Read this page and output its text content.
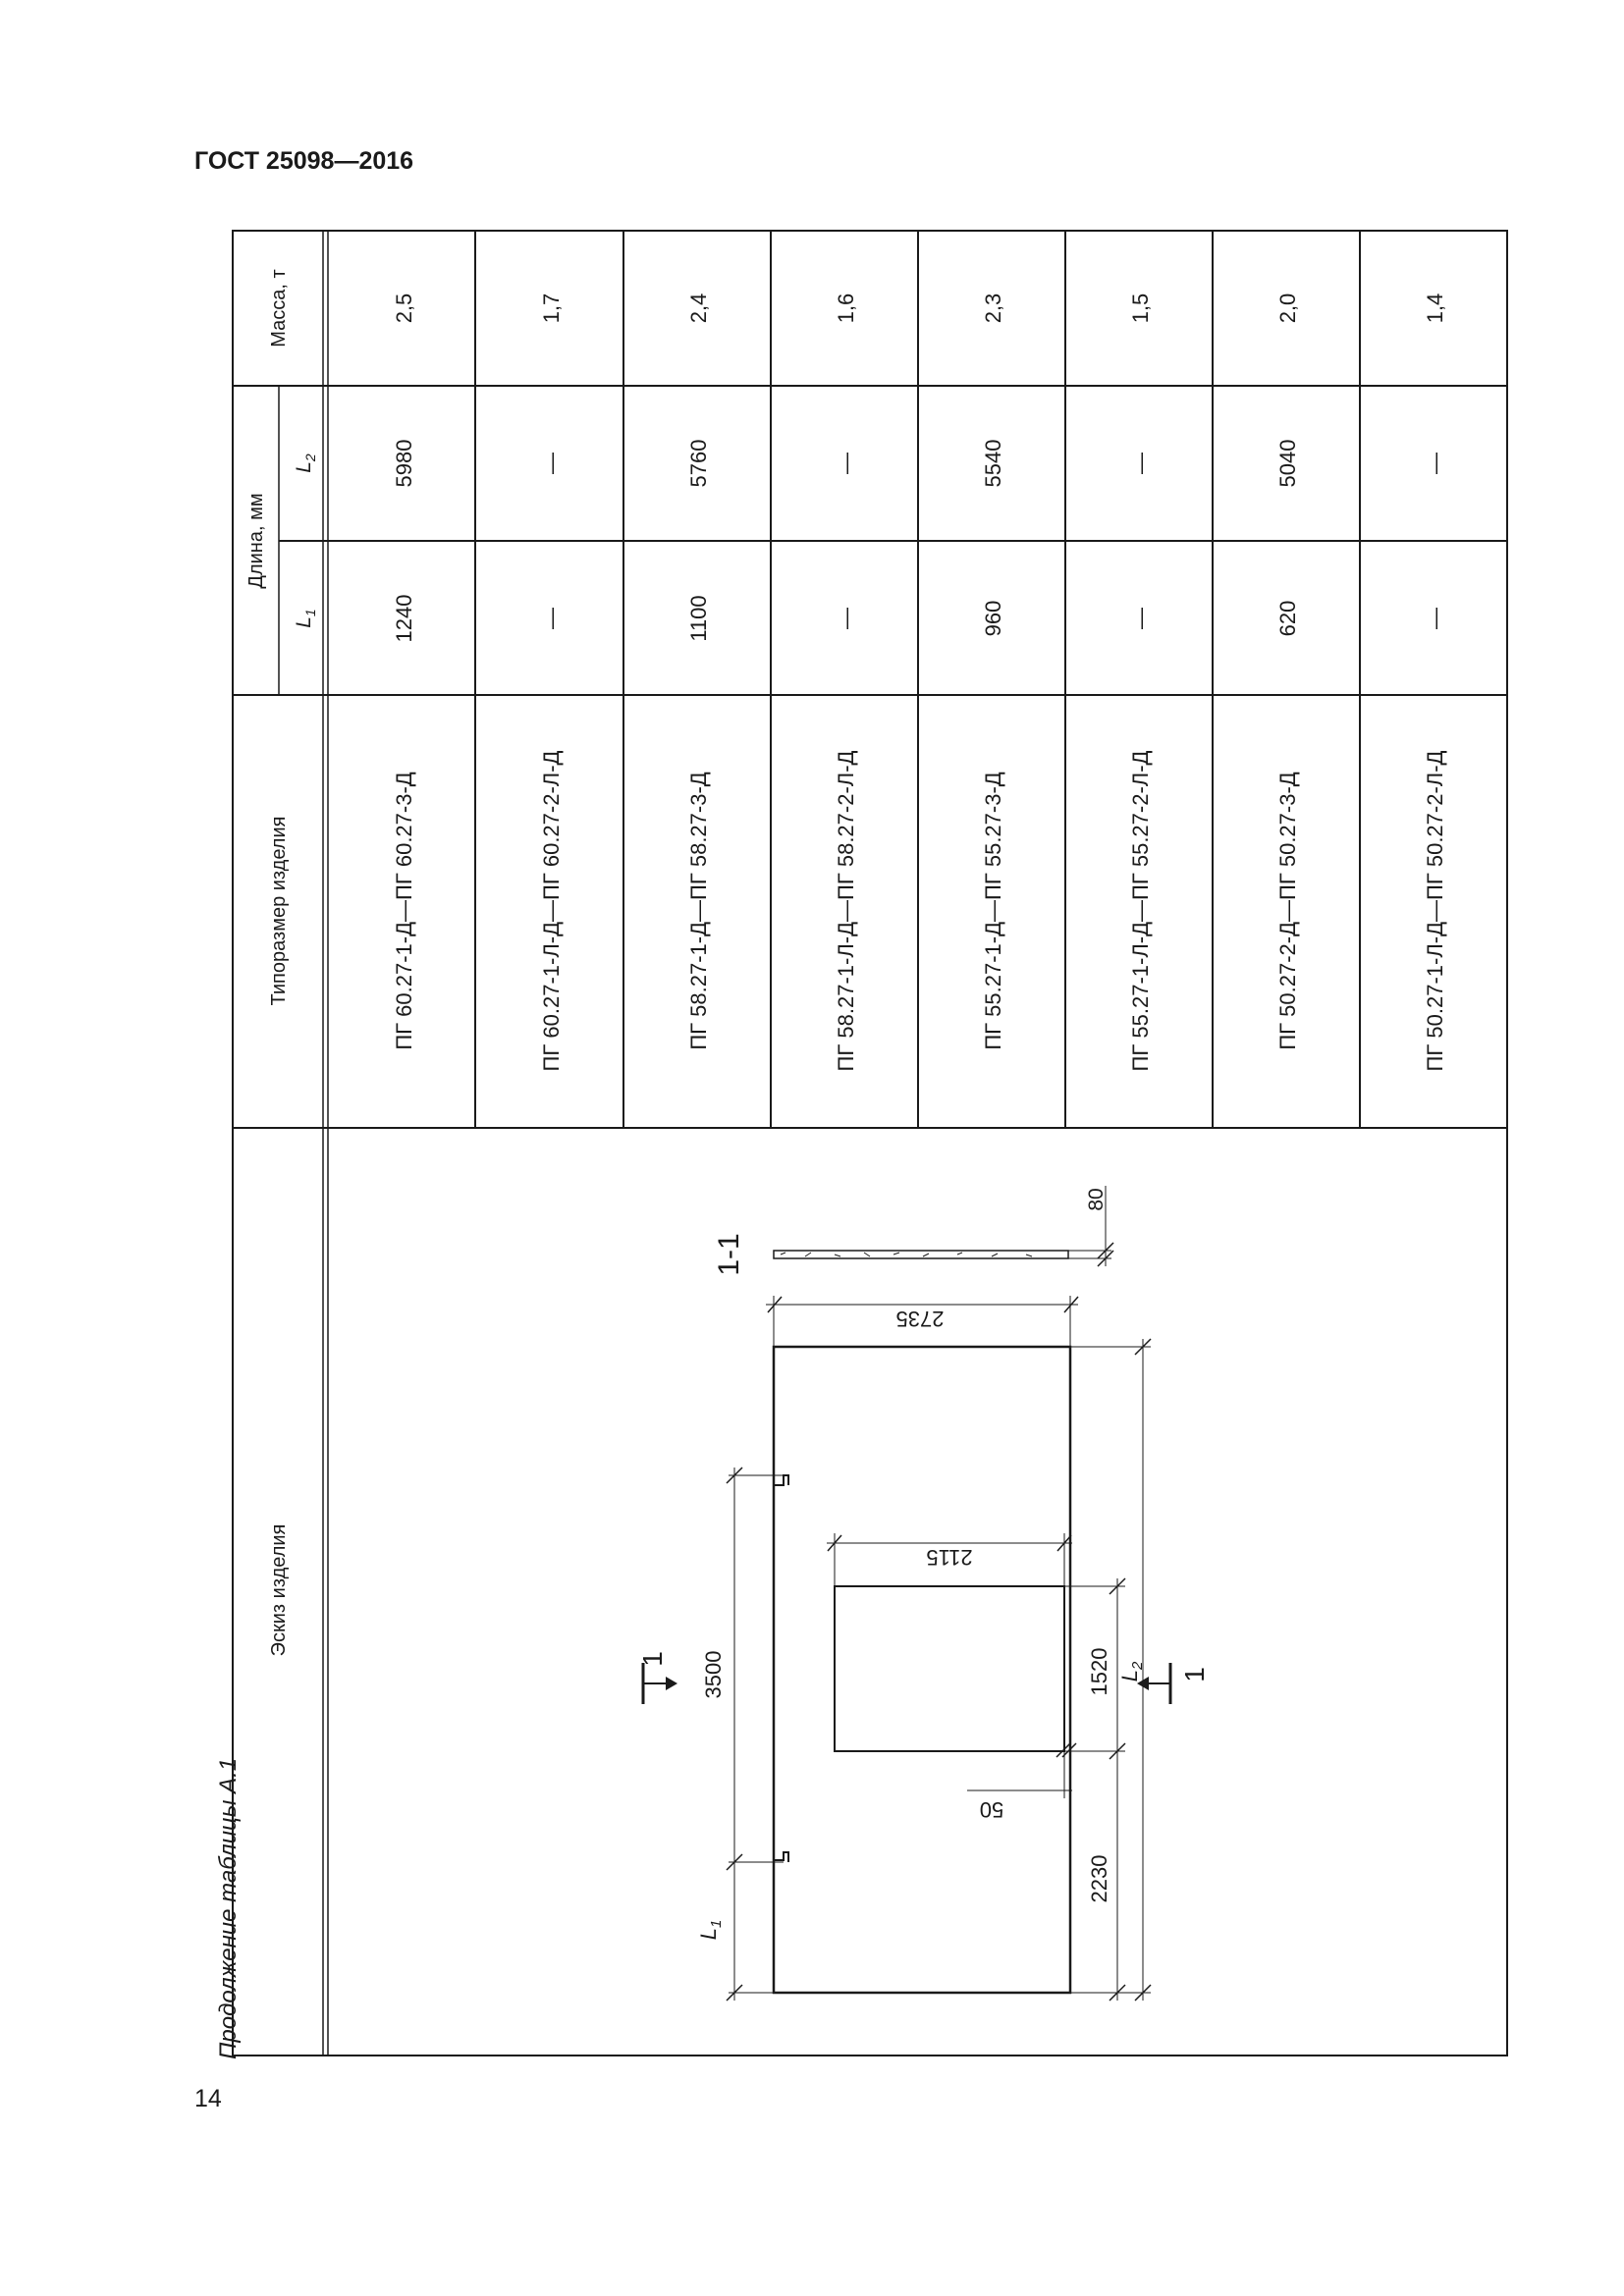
ГОСТ 25098—2016
Продолжение таблицы А.1
14
Эскиз изделия
Типоразмер изделия
Длина, мм
Масса, т
$L_1$
$L_2$
ПГ 60.27-1-Д—ПГ 60.27-3-Д
1240
5980
2,5
ПГ 60.27-1-Л-Д—ПГ 60.27-2-Л-Д
—
—
1,7
ПГ 58.27-1-Д—ПГ 58.27-3-Д
1100
5760
2,4
ПГ 58.27-1-Л-Д—ПГ 58.27-2-Л-Д
—
—
1,6
ПГ 55.27-1-Д—ПГ 55.27-3-Д
960
5540
2,3
ПГ 55.27-1-Л-Д—ПГ 55.27-2-Л-Д
—
—
1,5
ПГ 50.27-2-Д—ПГ 50.27-3-Д
620
5040
2,0
ПГ 50.27-1-Л-Д—ПГ 50.27-2-Л-Д
—
—
1,4
1-1
80
2735
2115
3500	1520
50
2230
$L_1$
$L_2$
1
1
